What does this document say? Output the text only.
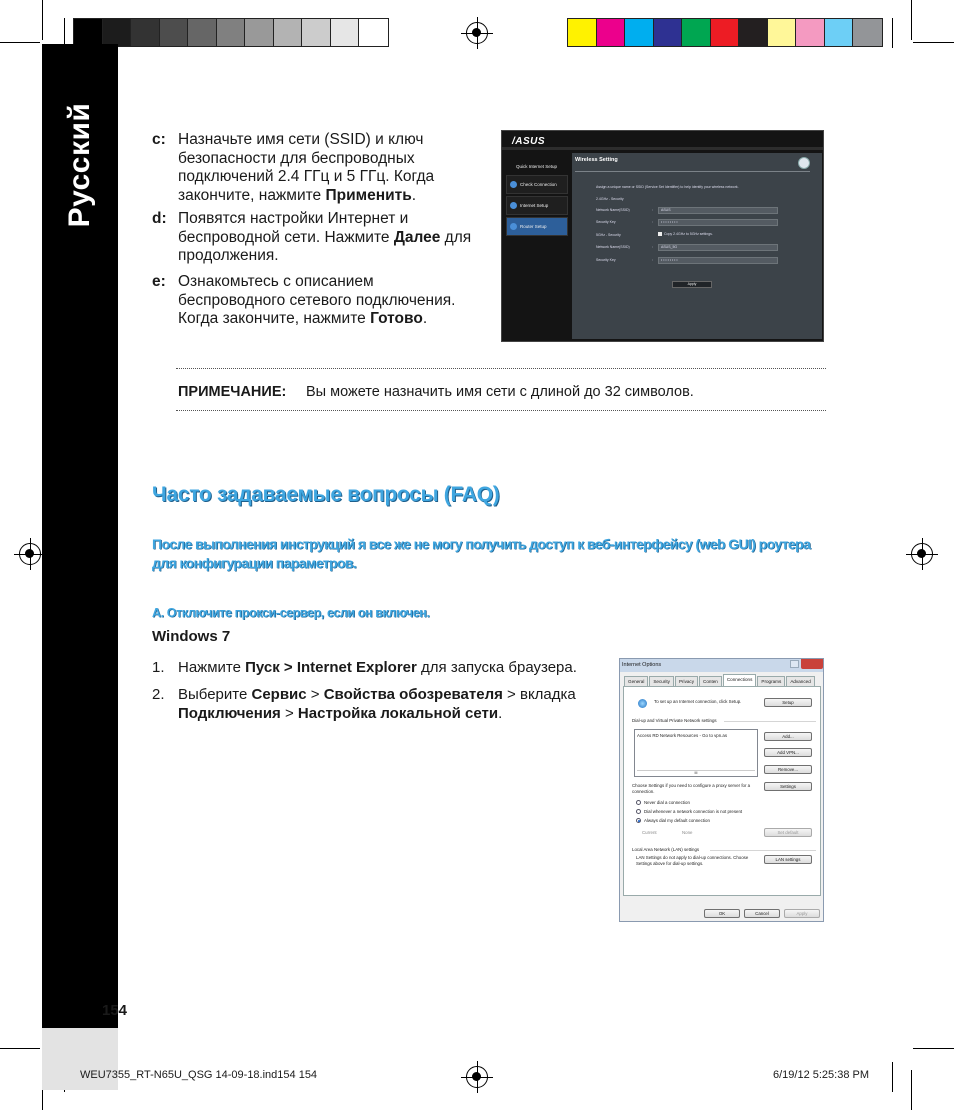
Русский	c: Назначьте имя сети (SSID) и ключ безопасности для беспроводных подключений 2.4 ГГц и 5 ГГц. Когда закончите, нажмите Применить.
d: Появятся настройки Интернет и беспроводной сети. Нажмите Далее для продолжения.
e: Ознакомьтесь с описанием беспроводного сетевого подключения. Когда закончите, нажмите Готово.
/ASUS
Quick Internet Setup
Check Connection
Internet Setup
Router Setup
Wireless Setting
Assign a unique name or SSID (Service Set Identifier) to help identify your wireless network.
2.4GHz - Security
Network Name(SSID)	:	ASUS
Security Key	:	• • • • • • • •
5GHz - Security	Copy 2.4GHz to 5GHz settings.
Network Name(SSID)	:	ASUS_5G
Security Key	:	• • • • • • • •
Apply
ПРИМЕЧАНИЕ: Вы можете назначить имя сети с длиной до 32 символов.
Часто задаваемые вопросы (FAQ)
После выполнения инструкций я все же не могу получить доступ к веб-интерфейсу (web GUI) роутера для конфигурации параметров.
A. Отключите прокси-сервер, если он включен.
Windows 7
1. Нажмите Пуск > Internet Explorer для запуска браузера.
2. Выберите Сервис > Свойства обозревателя > вкладка Подключения > Настройка локальной сети.
Internet Options
General	Security	Privacy	Conten	Connections	Programs	Advanced
To set up an Internet connection, click Setup.	Setup
Dial-up and Virtual Private Network settings
Access RD Network Resources - Go to vpn.as
III
Add...
Add VPN...
Remove...
Choose Settings if you need to configure a proxy server for a connection.
Settings
Never dial a connection
Dial whenever a network connection is not present
Always dial my default connection
Current	None	Set default
Local Area Network (LAN) settings
LAN Settings do not apply to dial-up connections. Choose Settings above for dial-up settings.
LAN settings
OK	Cancel	Apply
154
WEU7355_RT-N65U_QSG 14-09-18.ind154 154	6/19/12 5:25:38 PM
